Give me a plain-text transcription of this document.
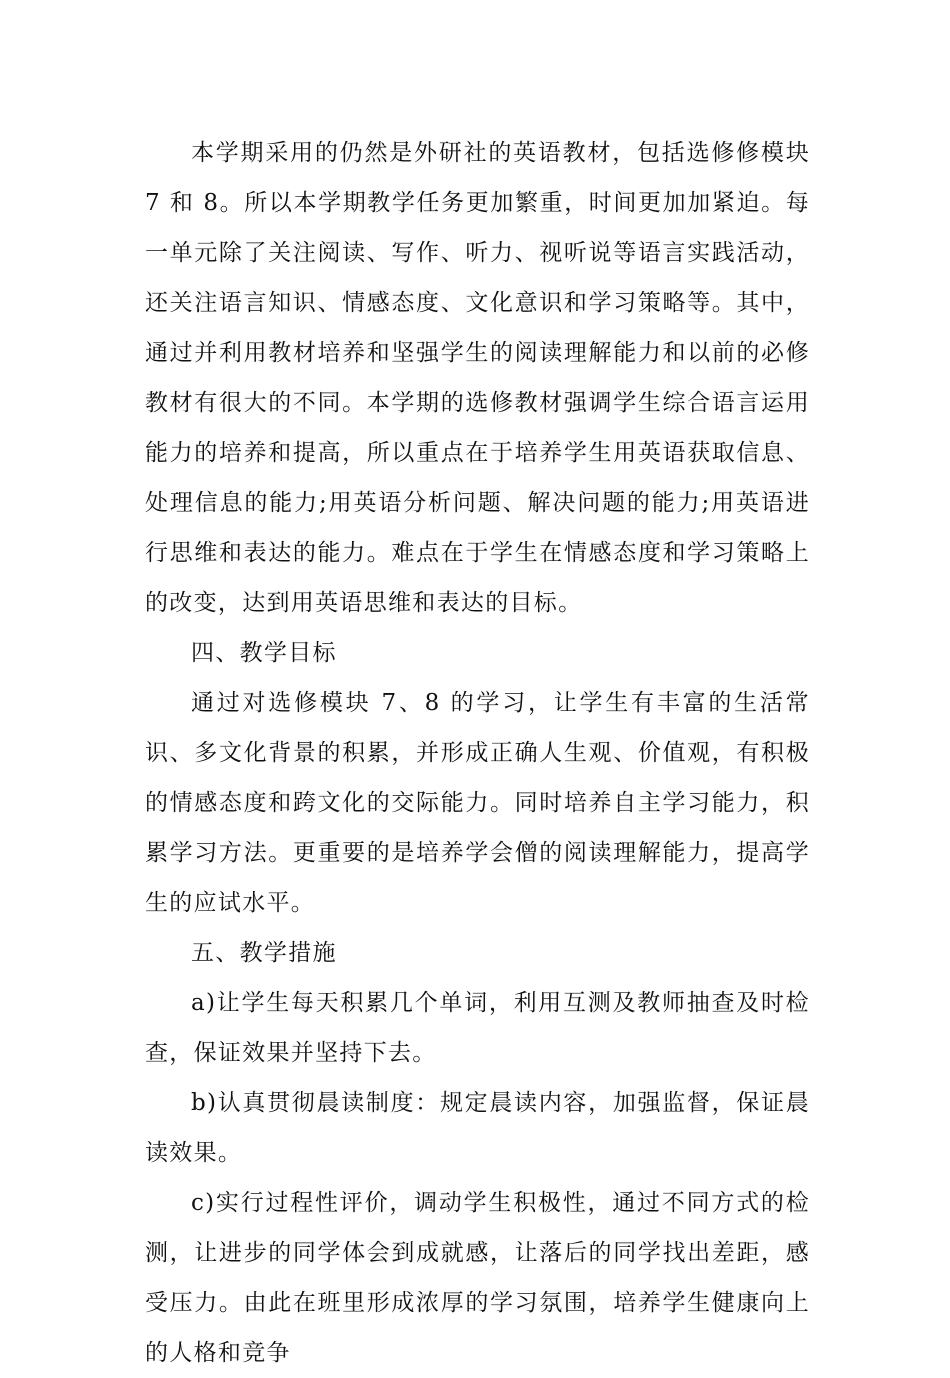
本学期采用的仍然是外研社的英语教材，包括选修修模块 7 和 8。所以本学期教学任务更加繁重，时间更加加紧迫。每一单元除了关注阅读、写作、听力、视听说等语言实践活动，还关注语言知识、情感态度、文化意识和学习策略等。其中，通过并利用教材培养和坚强学生的阅读理解能力和以前的必修教材有很大的不同。本学期的选修教材强调学生综合语言运用能力的培养和提高，所以重点在于培养学生用英语获取信息、处理信息的能力;用英语分析问题、解决问题的能力;用英语进行思维和表达的能力。难点在于学生在情感态度和学习策略上的改变，达到用英语思维和表达的目标。

四、教学目标

通过对选修模块 7、8 的学习，让学生有丰富的生活常识、多文化背景的积累，并形成正确人生观、价值观，有积极的情感态度和跨文化的交际能力。同时培养自主学习能力，积累学习方法。更重要的是培养学会僧的阅读理解能力，提高学生的应试水平。

五、教学措施

a)让学生每天积累几个单词，利用互测及教师抽查及时检查，保证效果并坚持下去。

b)认真贯彻晨读制度：规定晨读内容，加强监督，保证晨读效果。

c)实行过程性评价，调动学生积极性，通过不同方式的检测，让进步的同学体会到成就感，让落后的同学找出差距，感受压力。由此在班里形成浓厚的学习氛围，培养学生健康向上的人格和竞争
